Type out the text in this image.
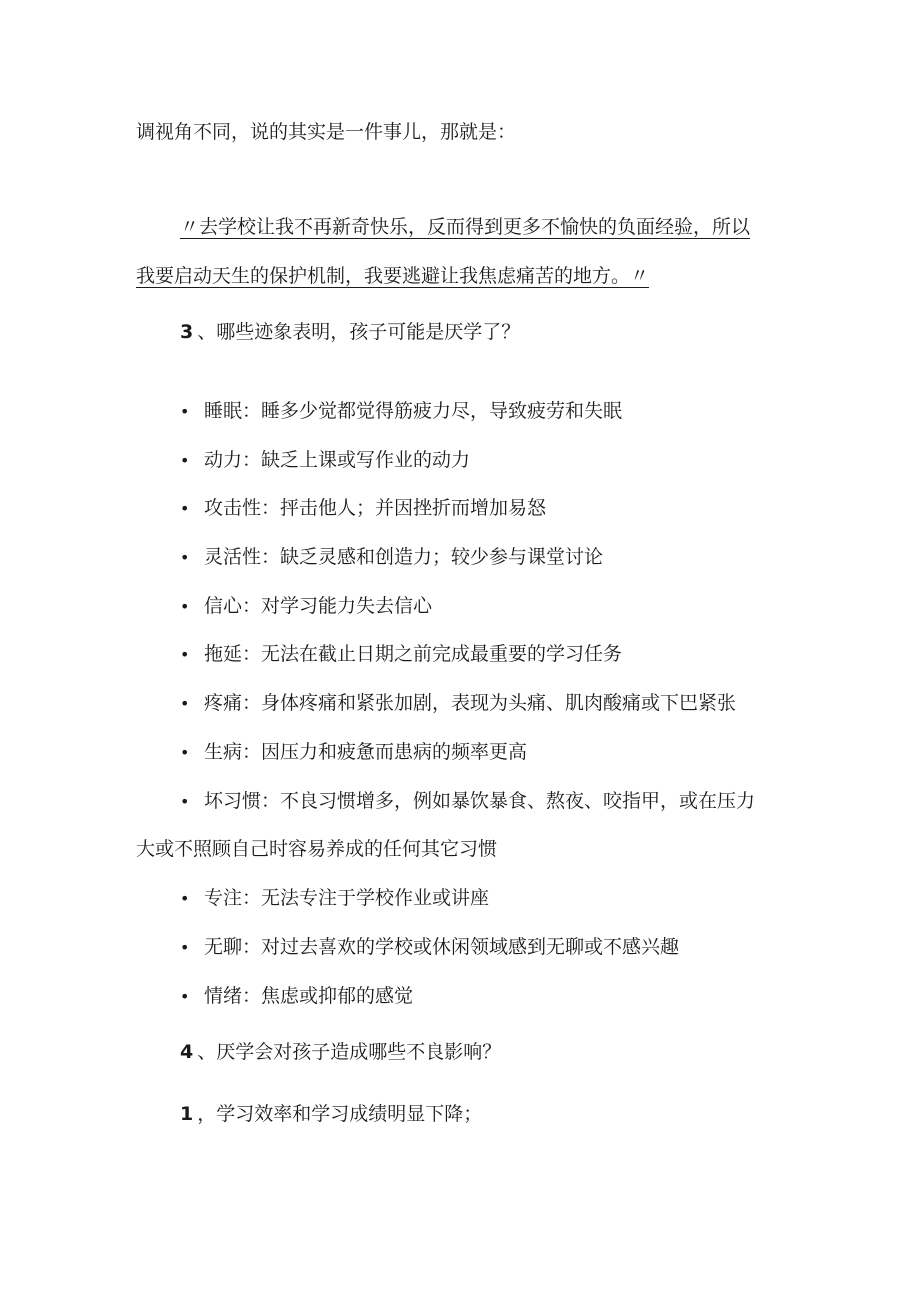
调视角不同，说的其实是一件事儿，那就是：
〃去学校让我不再新奇快乐，反而得到更多不愉快的负面经验，所以
我要启动天生的保护机制，我要逃避让我焦虑痛苦的地方。〃
3 、哪些迹象表明，孩子可能是厌学了？
• 睡眠：睡多少觉都觉得筋疲力尽，导致疲劳和失眠
• 动力：缺乏上课或写作业的动力
• 攻击性：抨击他人；并因挫折而增加易怒
• 灵活性：缺乏灵感和创造力；较少参与课堂讨论
• 信心：对学习能力失去信心
• 拖延：无法在截止日期之前完成最重要的学习任务
• 疼痛：身体疼痛和紧张加剧，表现为头痛、肌肉酸痛或下巴紧张
• 生病：因压力和疲惫而患病的频率更高
• 坏习惯：不良习惯增多，例如暴饮暴食、熬夜、咬指甲，或在压力
大或不照顾自己时容易养成的任何其它习惯
• 专注：无法专注于学校作业或讲座
• 无聊：对过去喜欢的学校或休闲领域感到无聊或不感兴趣
• 情绪：焦虑或抑郁的感觉
4 、厌学会对孩子造成哪些不良影响？
1 ，学习效率和学习成绩明显下降；
